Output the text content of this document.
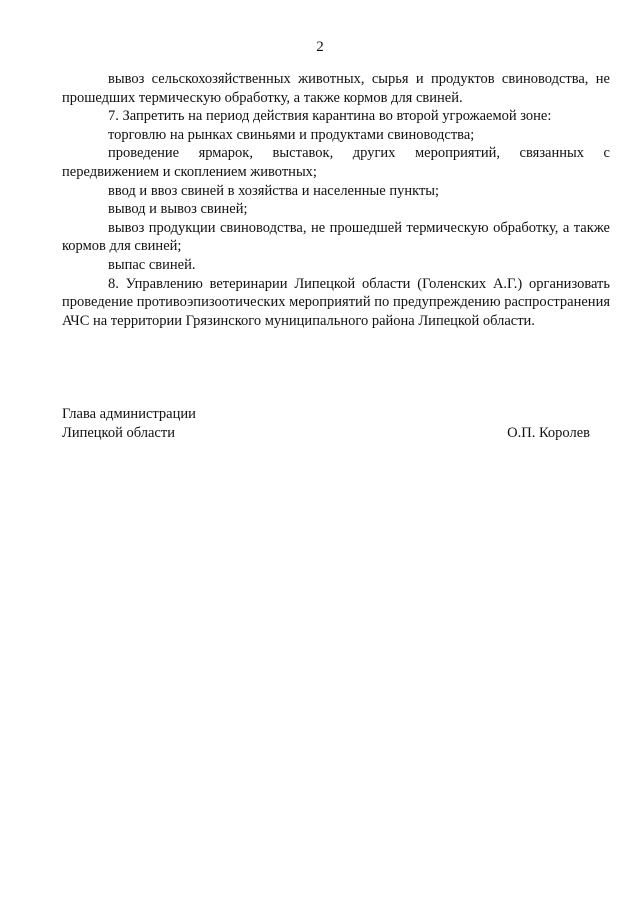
2

вывоз сельскохозяйственных животных, сырья и продуктов свиноводства, не прошедших термическую обработку, а также кормов для свиней.

7. Запретить на период действия карантина во второй угрожаемой зоне:

торговлю на рынках свиньями и продуктами свиноводства;

проведение ярмарок, выставок, других мероприятий, связанных с передвижением и скоплением животных;

ввод и ввоз свиней в хозяйства и населенные пункты;

вывод и вывоз свиней;

вывоз продукции свиноводства, не прошедшей термическую обработку, а также кормов для свиней;

выпас свиней.

8. Управлению ветеринарии Липецкой области (Голенских А.Г.) организовать проведение противоэпизоотических мероприятий по предупреждению распространения АЧС на территории Грязинского муниципального района Липецкой области.

Глава администрации
Липецкой области	О.П. Королев
